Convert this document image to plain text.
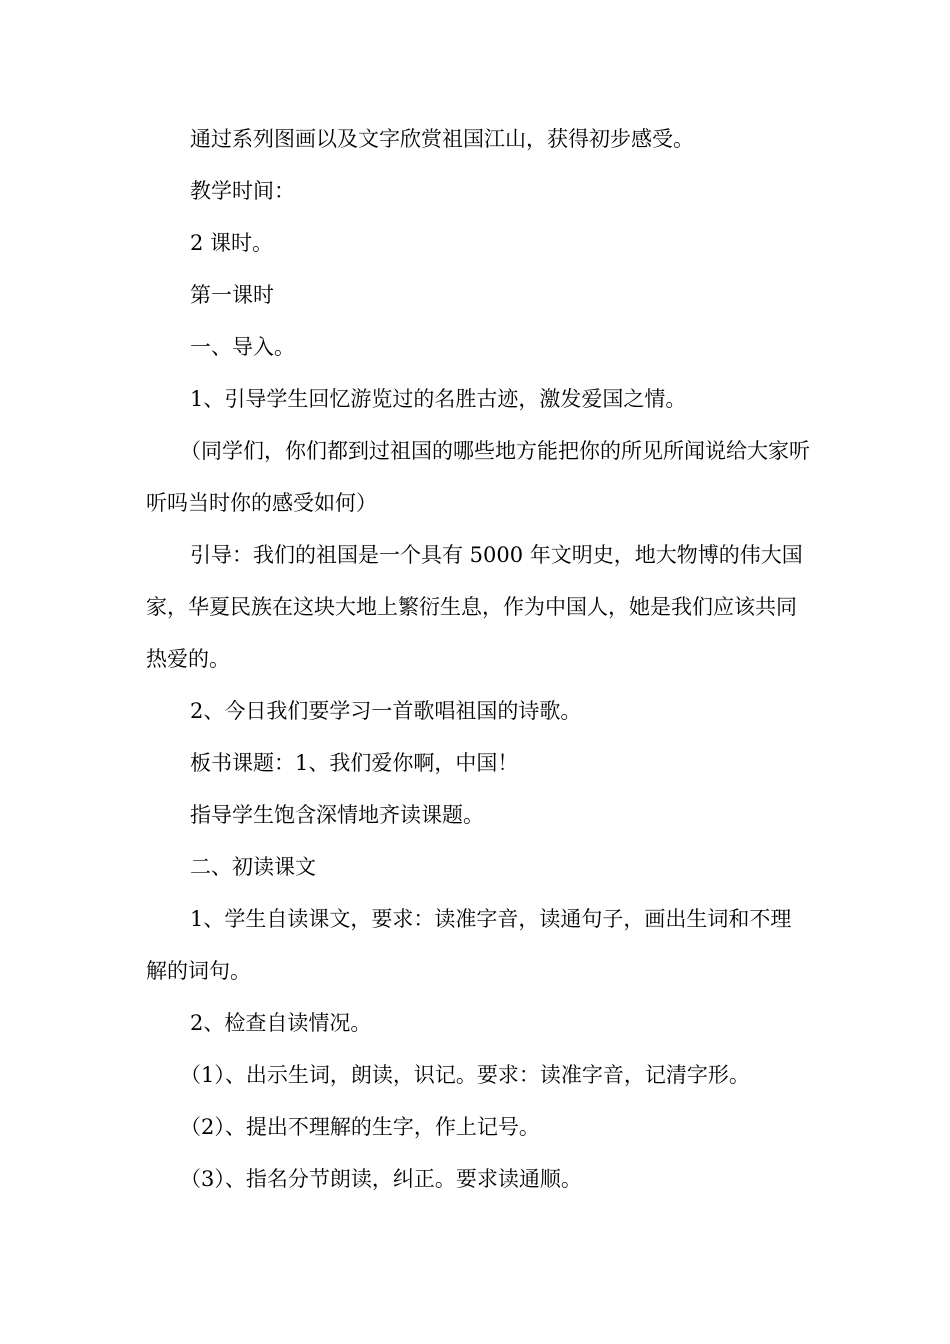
通过系列图画以及文字欣赏祖国江山，获得初步感受。

教学时间：

2 课时。

第一课时

一、导入。

1、引导学生回忆游览过的名胜古迹，激发爱国之情。

（同学们，你们都到过祖国的哪些地方能把你的所见所闻说给大家听听吗当时你的感受如何）

引导：我们的祖国是一个具有 5000 年文明史，地大物博的伟大国家，华夏民族在这块大地上繁衍生息，作为中国人，她是我们应该共同热爱的。

2、今日我们要学习一首歌唱祖国的诗歌。

板书课题：1、我们爱你啊，中国！

指导学生饱含深情地齐读课题。

二、初读课文

1、学生自读课文，要求：读准字音，读通句子，画出生词和不理解的词句。

2、检查自读情况。

（1）、出示生词，朗读，识记。要求：读准字音，记清字形。

（2）、提出不理解的生字，作上记号。

（3）、指名分节朗读，纠正。要求读通顺。
